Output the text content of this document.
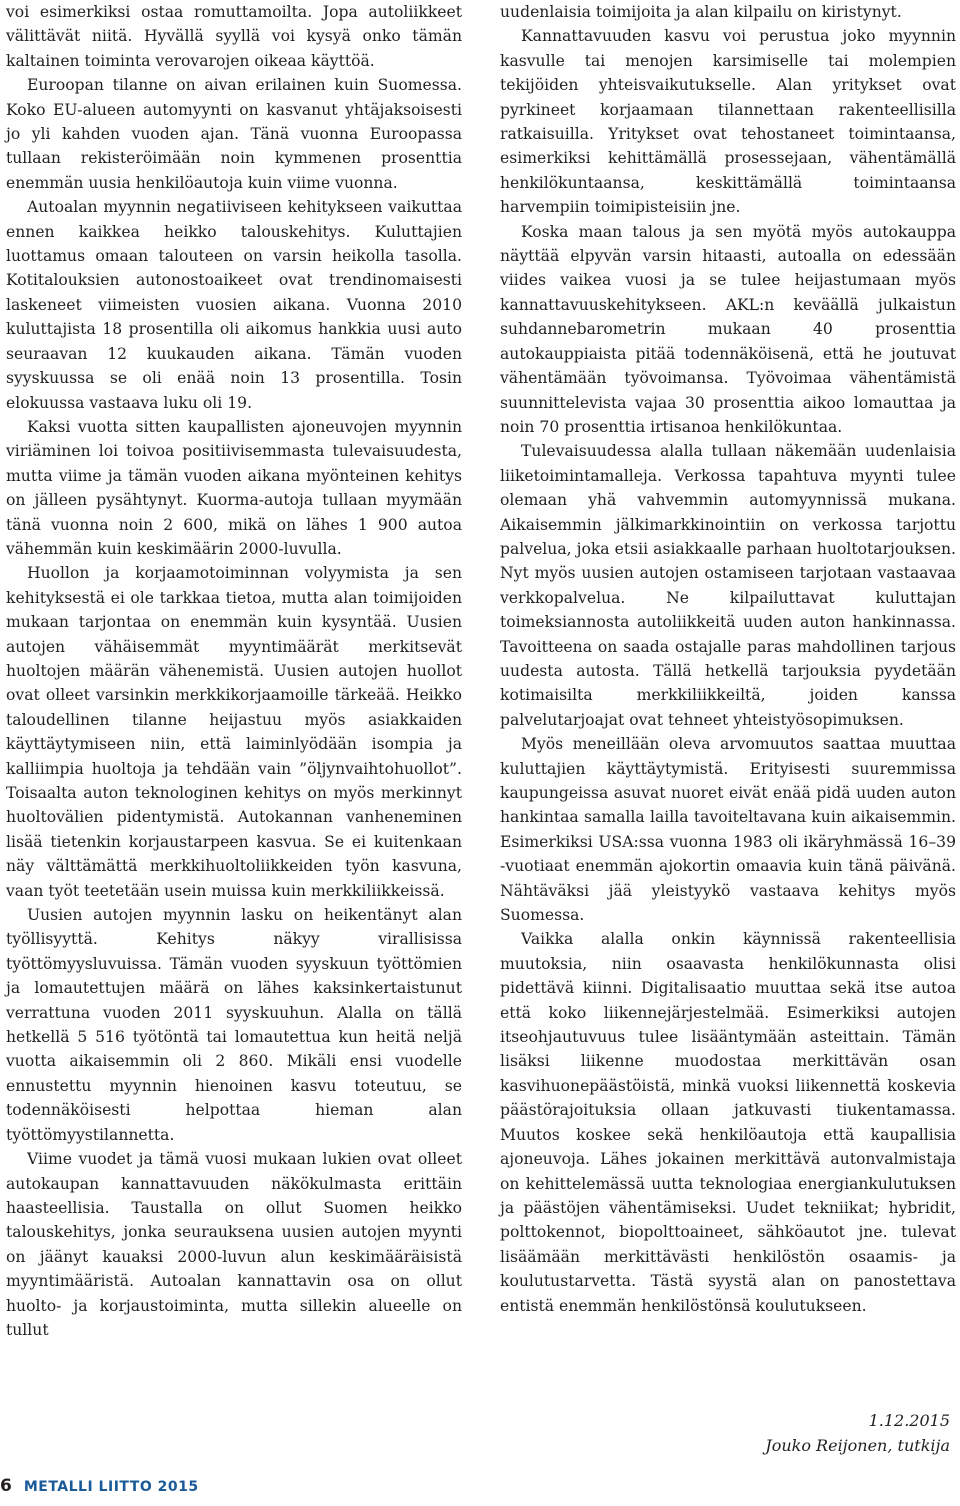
voi esimerkiksi ostaa romuttamoilta. Jopa autoliikkeet välittävät niitä. Hyvällä syyllä voi kysyä onko tämän kaltainen toiminta verovarojen oikeaa käyttöä.

Euroopan tilanne on aivan erilainen kuin Suomessa. Koko EU-alueen automyynti on kasvanut yhtäjaksoisesti jo yli kahden vuoden ajan. Tänä vuonna Euroopassa tullaan rekisteröimään noin kymmenen prosenttia enemmän uusia henkilöautoja kuin viime vuonna.

Autoalan myynnin negatiiviseen kehitykseen vaikuttaa ennen kaikkea heikko talouskehitys. Kuluttajien luottamus omaan talouteen on varsin heikolla tasolla. Kotitalouksien autonostoaikeet ovat trendinomaisesti laskeneet viimeisten vuosien aikana. Vuonna 2010 kuluttajista 18 prosentilla oli aikomus hankkia uusi auto seuraavan 12 kuukauden aikana. Tämän vuoden syyskuussa se oli enää noin 13 prosentilla. Tosin elokuussa vastaava luku oli 19.

Kaksi vuotta sitten kaupallisten ajoneuvojen myynnin viriäminen loi toivoa positiivisemmasta tulevaisuudesta, mutta viime ja tämän vuoden aikana myönteinen kehitys on jälleen pysähtynyt. Kuorma-autoja tullaan myymään tänä vuonna noin 2 600, mikä on lähes 1 900 autoa vähemmän kuin keskimäärin 2000-luvulla.

Huollon ja korjaamotoiminnan volyymista ja sen kehityksestä ei ole tarkkaa tietoa, mutta alan toimijoiden mukaan tarjontaa on enemmän kuin kysyntää. Uusien autojen vähäisemmät myyntimäärät merkitsevät huoltojen määrän vähenemistä. Uusien autojen huollot ovat olleet varsinkin merkkikorjaamoille tärkeää. Heikko taloudellinen tilanne heijastuu myös asiakkaiden käyttäytymiseen niin, että laiminlyödään isompia ja kalliimpia huoltoja ja tehdään vain ”öljynvaihtohuollot”. Toisaalta auton teknologinen kehitys on myös merkinnyt huoltovälien pidentymistä. Autokannan vanheneminen lisää tietenkin korjaustarpeen kasvua. Se ei kuitenkaan näy välttämättä merkkihuoltoliikkeiden työn kasvuna, vaan työt teetetään usein muissa kuin merkkiliikkeissä.

Uusien autojen myynnin lasku on heikentänyt alan työllisyyttä. Kehitys näkyy virallisissa työttömyysluvuissa. Tämän vuoden syyskuun työttömien ja lomautettujen määrä on lähes kaksinkertaistunut verrattuna vuoden 2011 syyskuuhun. Alalla on tällä hetkellä 5 516 työtöntä tai lomautettua kun heitä neljä vuotta aikaisemmin oli 2 860. Mikäli ensi vuodelle ennustettu myynnin hienoinen kasvu toteutuu, se todennäköisesti helpottaa hieman alan työttömyystilannetta.

Viime vuodet ja tämä vuosi mukaan lukien ovat olleet autokaupan kannattavuuden näkökulmasta erittäin haasteellisia. Taustalla on ollut Suomen heikko talouskehitys, jonka seurauksena uusien autojen myynti on jäänyt kauaksi 2000-luvun alun keskimääräisistä myyntimääristä. Autoalan kannattavin osa on ollut huolto- ja korjaustoiminta, mutta sillekin alueelle on tullut

uudenlaisia toimijoita ja alan kilpailu on kiristynyt.

Kannattavuuden kasvu voi perustua joko myynnin kasvulle tai menojen karsimiselle tai molempien tekijöiden yhteisvaikutukselle. Alan yritykset ovat pyrkineet korjaamaan tilannettaan rakenteellisilla ratkaisuilla. Yritykset ovat tehostaneet toimintaansa, esimerkiksi kehittämällä prosessejaan, vähentämällä henkilökuntaansa, keskittämällä toimintaansa harvempiin toimipisteisiin jne.

Koska maan talous ja sen myötä myös autokauppa näyttää elpyvän varsin hitaasti, autoalla on edessään viides vaikea vuosi ja se tulee heijastumaan myös kannattavuuskehitykseen. AKL:n keväällä julkaistun suhdannebarometrin mukaan 40 prosenttia autokauppiaista pitää todennäköisenä, että he joutuvat vähentämään työvoimansa. Työvoimaa vähentämistä suunnittelevista vajaa 30 prosenttia aikoo lomauttaa ja noin 70 prosenttia irtisanoa henkilökuntaa.

Tulevaisuudessa alalla tullaan näkemään uudenlaisia liiketoimintamalleja. Verkossa tapahtuva myynti tulee olemaan yhä vahvemmin automyynnissä mukana. Aikaisemmin jälkimarkkinointiin on verkossa tarjottu palvelua, joka etsii asiakkaalle parhaan huoltotarjouksen. Nyt myös uusien autojen ostamiseen tarjotaan vastaavaa verkkopalvelua. Ne kilpailuttavat kuluttajan toimeksiannosta autoliikkeitä uuden auton hankinnassa. Tavoitteena on saada ostajalle paras mahdollinen tarjous uudesta autosta. Tällä hetkellä tarjouksia pyydetään kotimaisilta merkkiliikkeiltä, joiden kanssa palvelutarjoajat ovat tehneet yhteistyösopimuksen.

Myös meneillään oleva arvomuutos saattaa muuttaa kuluttajien käyttäytymistä. Erityisesti suuremmissa kaupungeissa asuvat nuoret eivät enää pidä uuden auton hankintaa samalla lailla tavoiteltavana kuin aikaisemmin. Esimerkiksi USA:ssa vuonna 1983 oli ikäryhmässä 16–39 -vuotiaat enemmän ajokortin omaavia kuin tänä päivänä. Nähtäväksi jää yleistyykö vastaava kehitys myös Suomessa.

Vaikka alalla onkin käynnissä rakenteellisia muutoksia, niin osaavasta henkilökunnasta olisi pidettävä kiinni. Digitalisaatio muuttaa sekä itse autoa että koko liikennejärjestelmää. Esimerkiksi autojen itseohjautuvuus tulee lisääntymään asteittain. Tämän lisäksi liikenne muodostaa merkittävän osan kasvihuonepäästöistä, minkä vuoksi liikennettä koskevia päästörajoituksia ollaan jatkuvasti tiukentamassa. Muutos koskee sekä henkilöautoja että kaupallisia ajoneuvoja. Lähes jokainen merkittävä autonvalmistaja on kehittelemässä uutta teknologiaa energiankulutuksen ja päästöjen vähentämiseksi. Uudet tekniikat; hybridit, polttokennot, biopolttoaineet, sähköautot jne. tulevat lisäämään merkittävästi henkilöstön osaamis- ja koulutustarvetta. Tästä syystä alan on panostettava entistä enemmän henkilöstönsä koulutukseen.

1.12.2015
Jouko Reijonen, tutkija
6 METALLI LIITTO 2015
